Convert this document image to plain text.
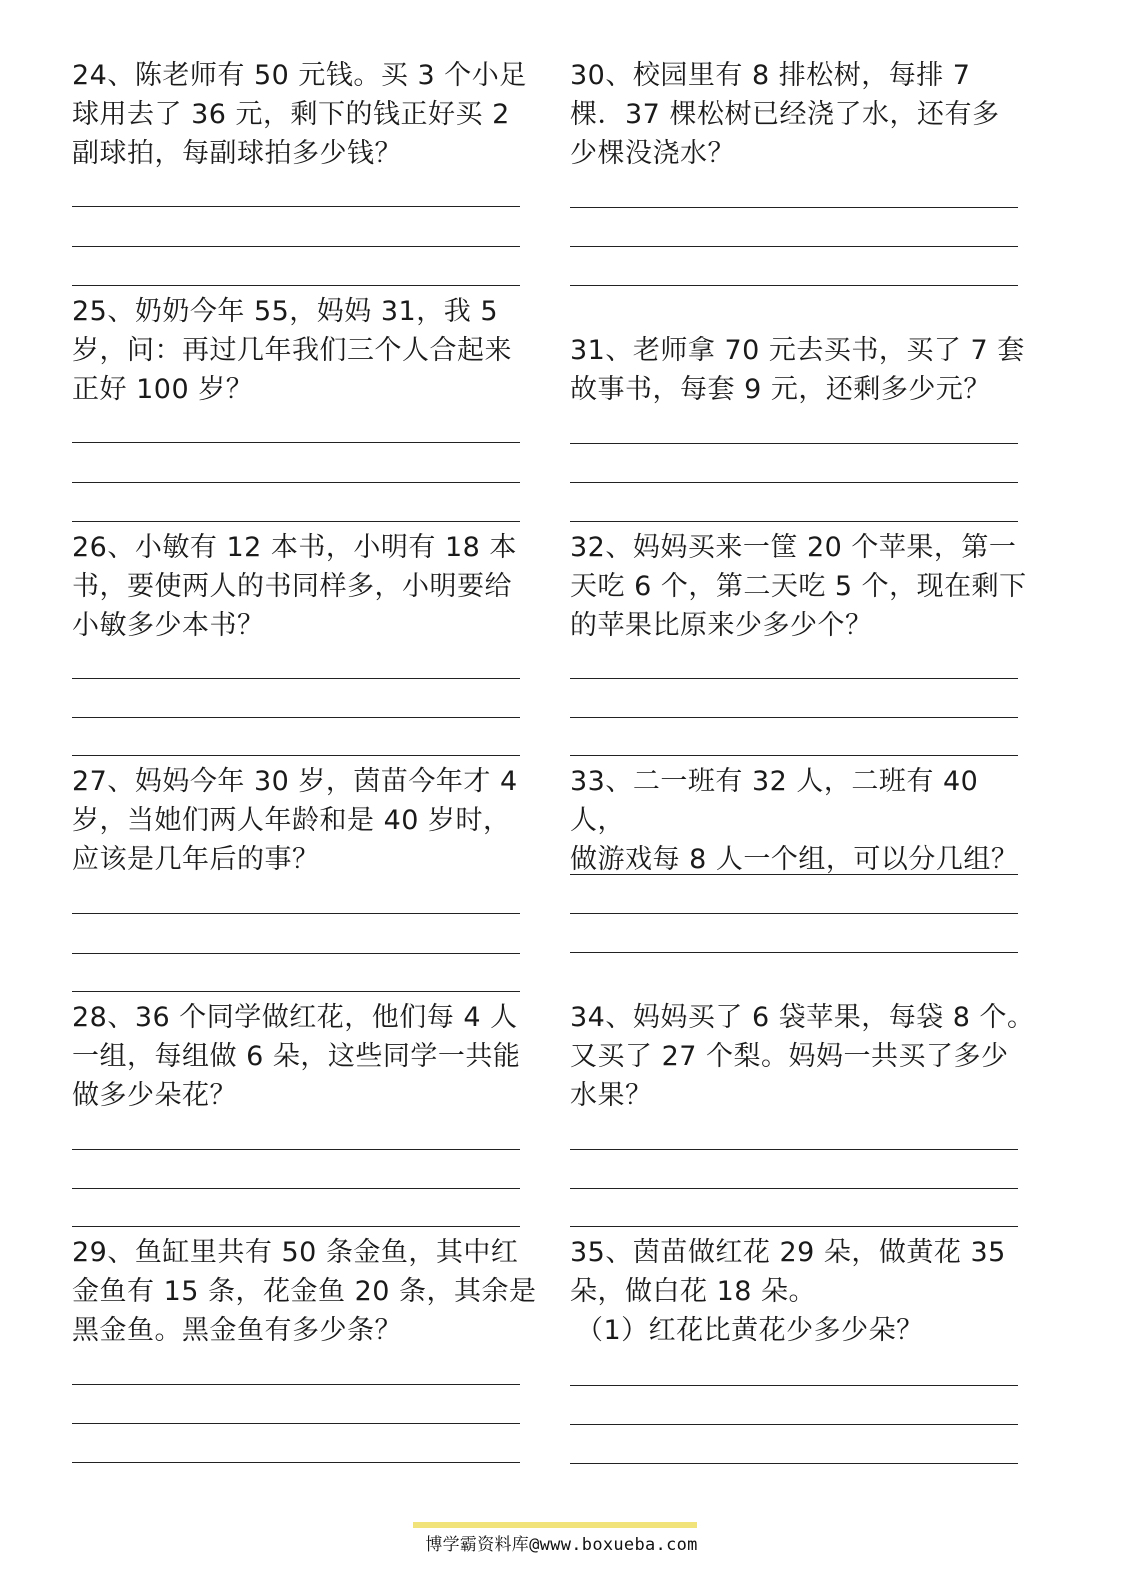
24、陈老师有 50 元钱。买 3 个小足
球用去了 36 元，剩下的钱正好买 2
副球拍，每副球拍多少钱？
25、奶奶今年 55，妈妈 31，我 5
岁，问：再过几年我们三个人合起来
正好 100 岁？
26、小敏有 12 本书，小明有 18 本
书，要使两人的书同样多，小明要给
小敏多少本书？
27、妈妈今年 30 岁，茵苗今年才 4
岁，当她们两人年龄和是 40 岁时，
应该是几年后的事？
28、36 个同学做红花，他们每 4 人
一组，每组做 6 朵，这些同学一共能
做多少朵花？
29、鱼缸里共有 50 条金鱼，其中红
金鱼有 15 条，花金鱼 20 条，其余是
黑金鱼。黑金鱼有多少条？
30、校园里有 8 排松树，每排 7
棵．37 棵松树已经浇了水，还有多
少棵没浇水？
31、老师拿 70 元去买书，买了 7 套
故事书，每套 9 元，还剩多少元？
32、妈妈买来一筐 20 个苹果，第一
天吃 6 个，第二天吃 5 个，现在剩下
的苹果比原来少多少个？
33、二一班有 32 人，二班有 40 人，
做游戏每 8 人一个组，可以分几组？
34、妈妈买了 6 袋苹果，每袋 8 个。
又买了 27 个梨。妈妈一共买了多少
水果？
35、茵苗做红花 29 朵，做黄花 35
朵，做白花 18 朵。
（1）红花比黄花少多少朵？
博学霸资料库@www.boxueba.com
